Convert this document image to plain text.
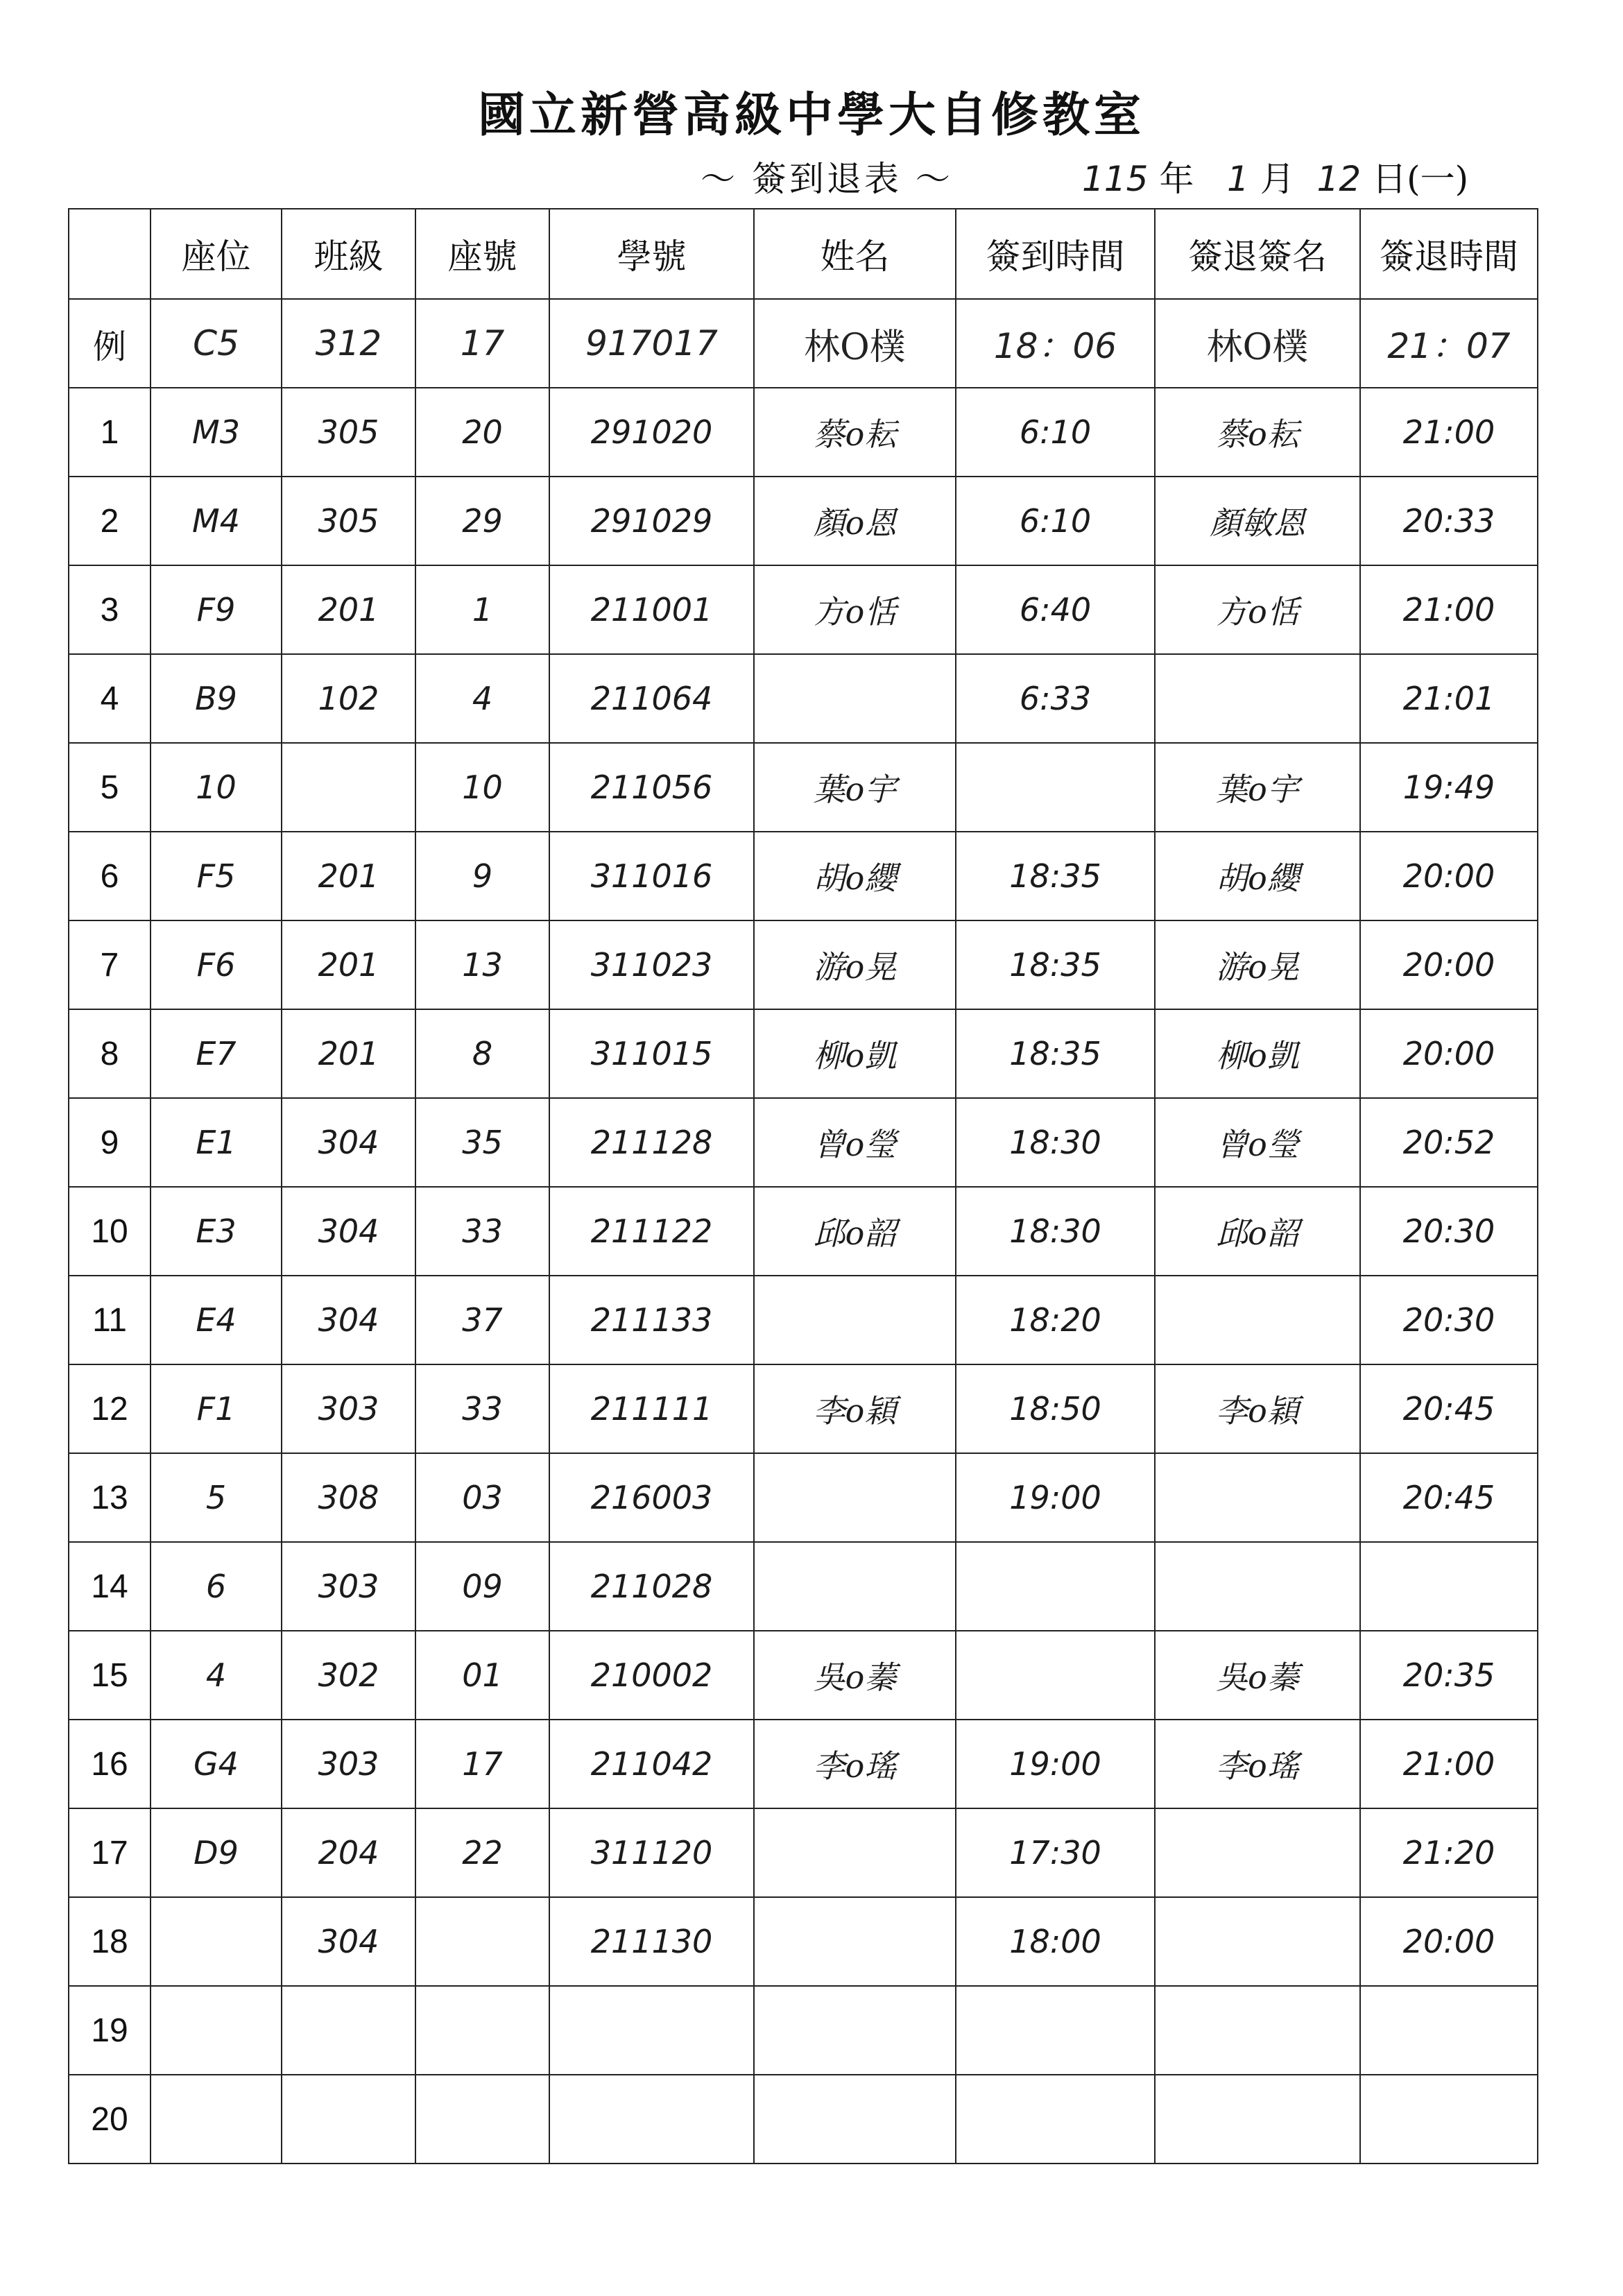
國立新營高級中學大自修教室
～ 簽到退表 ～	115 年 1 月 12 日(一)
	座位	班級	座號	學號	姓名	簽到時間	簽退簽名	簽退時間
例	C5	312	17	917017	林O樸	18：06	林O樸	21：07
1	M3	305	20	291020	蔡o耘	6:10	蔡o耘	21:00
2	M4	305	29	291029	顏o恩	6:10	顏敏恩	20:33
3	F9	201	1	211001	方o恬	6:40	方o恬	21:00
4	B9	102	4	211064		6:33		21:01
5	10		10	211056	葉o宇		葉o宇	19:49
6	F5	201	9	311016	胡o纓	18:35	胡o纓	20:00
7	F6	201	13	311023	游o晃	18:35	游o晃	20:00
8	E7	201	8	311015	柳o凱	18:35	柳o凱	20:00
9	E1	304	35	211128	曾o瑩	18:30	曾o瑩	20:52
10	E3	304	33	211122	邱o韶	18:30	邱o韶	20:30
11	E4	304	37	211133		18:20		20:30
12	F1	303	33	211111	李o穎	18:50	李o穎	20:45
13	5	308	03	216003		19:00		20:45
14	6	303	09	211028				
15	4	302	01	210002	吳o蓁		吳o蓁	20:35
16	G4	303	17	211042	李o瑤	19:00	李o瑤	21:00
17	D9	204	22	311120		17:30		21:20
18		304		211130		18:00		20:00
19								
20								
